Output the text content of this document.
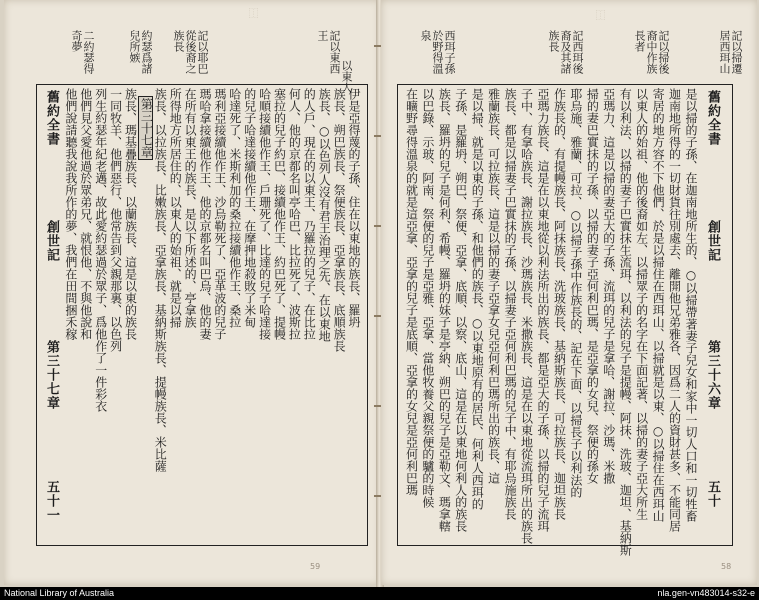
⿰
記以東西王
記以耶巴從後裔之族長
約瑟爲諸兒所嫉
二約瑟得奇夢
以東人
舊約全書
創世記
第三十七章
五十一
伊是亞得蔑的子孫、住在以東地的族長、羅坍
族長、朔巴族長、祭便族長、亞拿族長、底順族長
族長、○以色列人沒有君王治理之先、在以東地
的人戶、現在的以東王、乃羅拉的兒子、在比拉
何人、他的京都名叫亭哈巴、比拉死了、波斯拉
塞拉的兒子約巴、接續他作王、約巴死了、提幔
哈順接續他作王、戶珊死了、比達的兒子哈達接
的兒子哈達接續他作王、在摩押地殺敗了米甸
哈達死了、米斯利加的桑拉接續他作王、桑拉
瑪利亞接續他作王、沙烏勒死了、亞革波的兒子
瑪哈拿接續他作王、他的京都名叫巴烏、他的妻
在所有以東王的族長、是以下所述的、亭拿族
所得地方所居住的、以東人的始祖、就是以掃
族長、以拉族長、比嫩族長、亞拿族長、基納斯族長、提幔族長、米比薩
第三十七章
族長、瑪基疊族長、以蘭族長、這是以東的族長
一同牧羊、他們惡行、他常告到父親那裏、以色列
列生約瑟年紀老邁、故此愛約瑟過於眾子、爲他作了一件彩衣
他們見父愛他過於眾弟兄、就恨他、不與他說和
他們說請聽我說我所作的夢、我們在田間捆禾稼
59
記以掃遷居西珥山
記以掃後裔中作族長者
記西珥後裔及其諸族長
西珥子孫於野得溫泉
⿰
舊約全書
創世記
第三十六章
五十
是以掃的子孫、在迦南地所生的、○以掃帶著妻子兒女和家中一切人口和一切牲畜
迦南地所得的一切財貨往別處去、離開他兄弟雅各、因爲二人的資財甚多、不能同居
寄居的地方容不下他們、於是以掃住在西珥山、以掃就是以東、○以掃住在西珥山
以東人的始祖、他的後裔如左、以掃眾子的名字在下面記著、以掃的妻子亞大所生
有以利法、以掃的妻子巴實抹生流珥、以利法的兒子是提幔、阿抹、洗玻、迦坦、基納斯
亞瑪力、這是以掃的妻亞大的子孫、流珥的兒子是拿哈、謝拉、沙瑪、米撒
掃的妻巴實抹的子孫、以掃的妻子亞何利巴瑪、是亞拿的女兒、祭便的孫女
耶烏施、雅蘭、可拉、○以掃子孫中作族長的、記在下面、以掃長子以利法的
作族長的、有提幔族長、阿抹族長、洗玻族長、基納斯族長、可拉族長、迦坦族長
亞瑪力族長、這是在以東地從以利法所出的族長、都是亞大的子孫、以掃的兒子流珥
子中、有拿哈族長、謝拉族長、沙瑪族長、米撒族長、這是在以東地從流珥所出的族長
族長、都是以掃妻子巴實抹的子孫、以掃妻子亞何利巴瑪的兒子中、有耶烏施族長
雅蘭族長、可拉族長、這是以掃的妻子亞拿女兒亞何利巴瑪所出的族長、這
是以掃、就是以東的子孫、和他們的族長、○以東地原有的居民、何利人西珥的
子孫、是羅坍、朔巴、祭便、亞拿、底順、以察、底山、這是在以東地何利人的族長
族長、羅坍的兒子是何利、希幔、羅坍的妹子是亭納、朔巴的兒子是亞勒文、瑪拿轄
以巴錄、示玻、阿南、祭便的兒子是亞雅、亞拿、當他牧養父親祭便的驢的時候
在曠野尋得溫泉的就是這亞拿、亞拿的兒子是底順、亞拿的女兒是亞何利巴瑪
58
National Library of Australia	nla.gen-vn483014-s32-e
